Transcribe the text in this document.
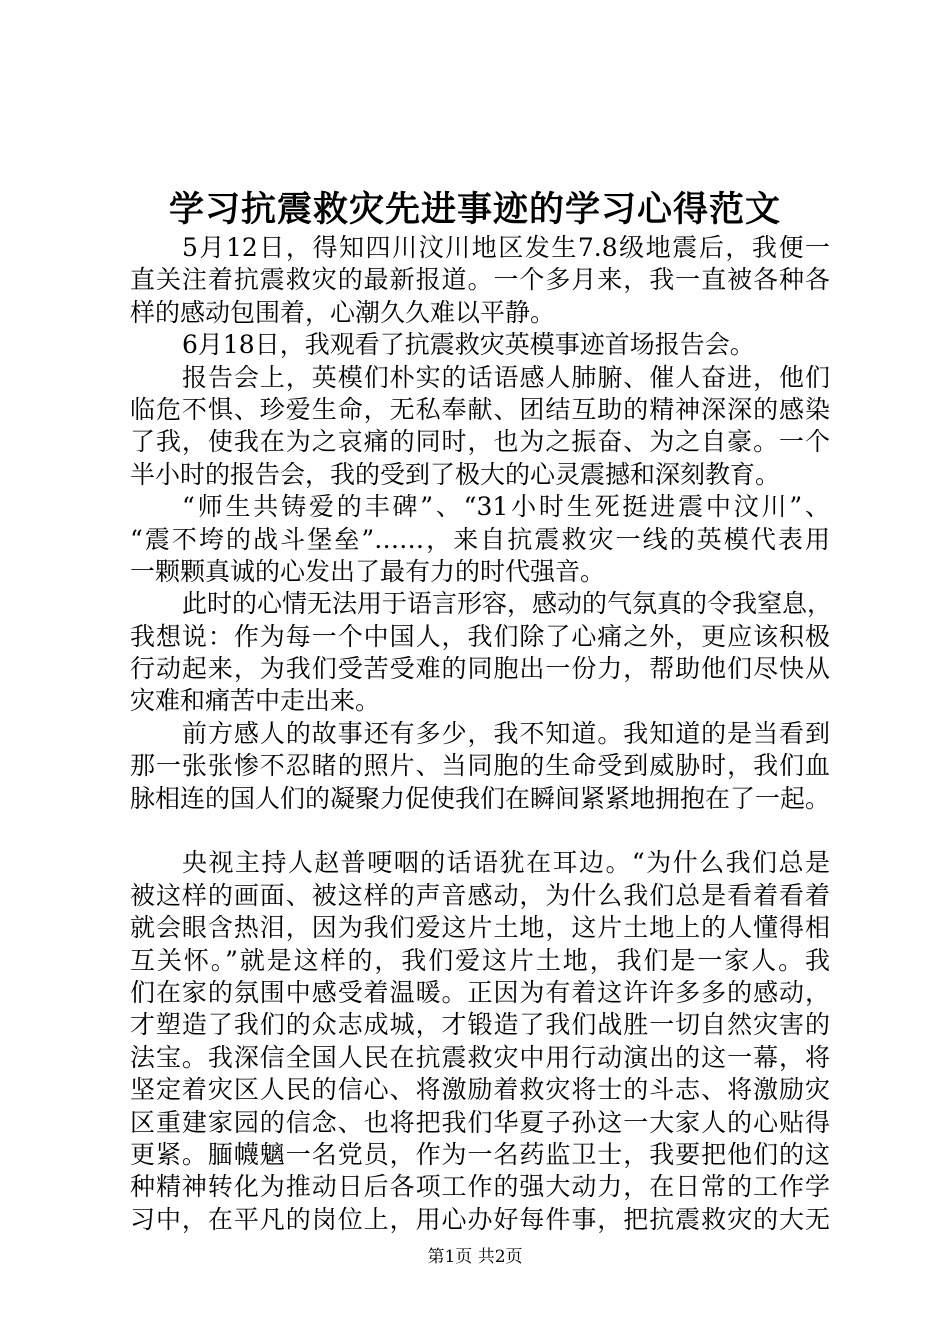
学习抗震救灾先进事迹的学习心得范文
5月12日，得知四川汶川地区发生7.8级地震后，我便一
直关注着抗震救灾的最新报道。一个多月来，我一直被各种各
样的感动包围着，心潮久久难以平静。
6月18日，我观看了抗震救灾英模事迹首场报告会。
报告会上，英模们朴实的话语感人肺腑、催人奋进，他们
临危不惧、珍爱生命，无私奉献、团结互助的精神深深的感染
了我，使我在为之哀痛的同时，也为之振奋、为之自豪。一个
半小时的报告会，我的受到了极大的心灵震撼和深刻教育。
“师生共铸爱的丰碑”、“31小时生死挺进震中汶川”、
“震不垮的战斗堡垒”……，来自抗震救灾一线的英模代表用
一颗颗真诚的心发出了最有力的时代强音。
此时的心情无法用于语言形容，感动的气氛真的令我窒息，
我想说：作为每一个中国人，我们除了心痛之外，更应该积极
行动起来，为我们受苦受难的同胞出一份力，帮助他们尽快从
灾难和痛苦中走出来。
前方感人的故事还有多少，我不知道。我知道的是当看到
那一张张惨不忍睹的照片、当同胞的生命受到威胁时，我们血
脉相连的国人们的凝聚力促使我们在瞬间紧紧地拥抱在了一起。
央视主持人赵普哽咽的话语犹在耳边。“为什么我们总是
被这样的画面、被这样的声音感动，为什么我们总是看着看着
就会眼含热泪，因为我们爱这片土地，这片土地上的人懂得相
互关怀。”就是这样的，我们爱这片土地，我们是一家人。我
们在家的氛围中感受着温暖。正因为有着这许许多多的感动，
才塑造了我们的众志成城，才锻造了我们战胜一切自然灾害的
法宝。我深信全国人民在抗震救灾中用行动演出的这一幕，将
坚定着灾区人民的信心、将激励着救灾将士的斗志、将激励灾
区重建家园的信念、也将把我们华夏子孙这一大家人的心贴得
更紧。腼幭魑一名党员，作为一名药监卫士，我要把他们的这
种精神转化为推动日后各项工作的强大动力，在日常的工作学
习中，在平凡的岗位上，用心办好每件事，把抗震救灾的大无
第1页 共2页
